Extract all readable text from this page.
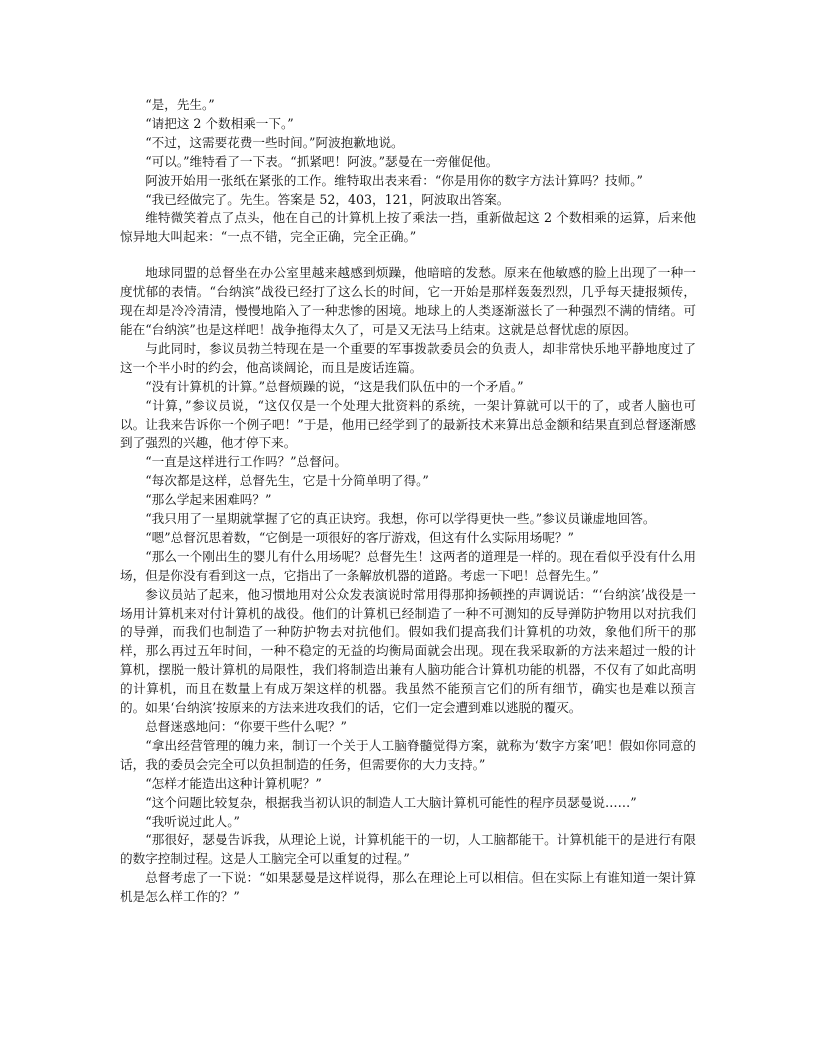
“是，先生。”

“请把这 2 个数相乘一下。”

“不过，这需要花费一些时间。”阿波抱歉地说。

“可以。”维特看了一下表。“抓紧吧！阿波。”瑟曼在一旁催促他。

阿波开始用一张纸在紧张的工作。维特取出表来看：“你是用你的数字方法计算吗？技师。”

“我已经做完了。先生。答案是 52，403，121，阿波取出答案。

维特微笑着点了点头，他在自己的计算机上按了乘法一挡，重新做起这 2 个数相乘的运算，后来他惊异地大叫起来：“一点不错，完全正确，完全正确。”

地球同盟的总督坐在办公室里越来越感到烦躁，他暗暗的发愁。原来在他敏感的脸上出现了一种一度忧郁的表情。“台纳滨”战役已经打了这么长的时间，它一开始是那样轰轰烈烈，几乎每天捷报频传，现在却是冷冷清清，慢慢地陷入了一种悲惨的困境。地球上的人类逐渐滋长了一种强烈不满的情绪。可能在“台纳滨”也是这样吧！战争拖得太久了，可是又无法马上结束。这就是总督忧虑的原因。

与此同时，参议员勃兰特现在是一个重要的军事拨款委员会的负责人，却非常快乐地平静地度过了这一个半小时的约会，他高谈阔论，而且是废话连篇。

“没有计算机的计算。”总督烦躁的说，“这是我们队伍中的一个矛盾。”

“计算，”参议员说，“这仅仅是一个处理大批资料的系统，一架计算就可以干的了，或者人脑也可以。让我来告诉你一个例子吧！”于是，他用已经学到了的最新技术来算出总金额和结果直到总督逐渐感到了强烈的兴趣，他才停下来。

“一直是这样进行工作吗？”总督问。

“每次都是这样，总督先生，它是十分简单明了得。”

“那么学起来困难吗？”

“我只用了一星期就掌握了它的真正诀窍。我想，你可以学得更快一些。”参议员谦虚地回答。

“嗯”总督沉思着数，“它倒是一项很好的客厅游戏，但这有什么实际用场呢？”

“那么一个刚出生的婴儿有什么用场呢？总督先生！这两者的道理是一样的。现在看似乎没有什么用场，但是你没有看到这一点，它指出了一条解放机器的道路。考虑一下吧！总督先生。”

参议员站了起来，他习惯地用对公众发表演说时常用得那抑扬顿挫的声调说话：“‘台纳滨’战役是一场用计算机来对付计算机的战役。他们的计算机已经制造了一种不可测知的反导弹防护物用以对抗我们的导弹，而我们也制造了一种防护物去对抗他们。假如我们提高我们计算机的功效，象他们所干的那样，那么再过五年时间，一种不稳定的无益的均衡局面就会出现。现在我采取新的方法来超过一般的计算机，摆脱一般计算机的局限性，我们将制造出兼有人脑功能合计算机功能的机器，不仅有了如此高明的计算机，而且在数量上有成万架这样的机器。我虽然不能预言它们的所有细节，确实也是难以预言的。如果‘台纳滨’按原来的方法来进攻我们的话，它们一定会遭到难以逃脱的覆灭。

总督迷惑地问：“你要干些什么呢？”

“拿出经营管理的魄力来，制订一个关于人工脑脊髓觉得方案，就称为‘数字方案’吧！假如你同意的话，我的委员会完全可以负担制造的任务，但需要你的大力支持。”

“怎样才能造出这种计算机呢？”

“这个问题比较复杂，根据我当初认识的制造人工大脑计算机可能性的程序员瑟曼说……”

“我听说过此人。”

“那很好，瑟曼告诉我，从理论上说，计算机能干的一切，人工脑都能干。计算机能干的是进行有限的数字控制过程。这是人工脑完全可以重复的过程。”

总督考虑了一下说：“如果瑟曼是这样说得，那么在理论上可以相信。但在实际上有谁知道一架计算机是怎么样工作的？”
